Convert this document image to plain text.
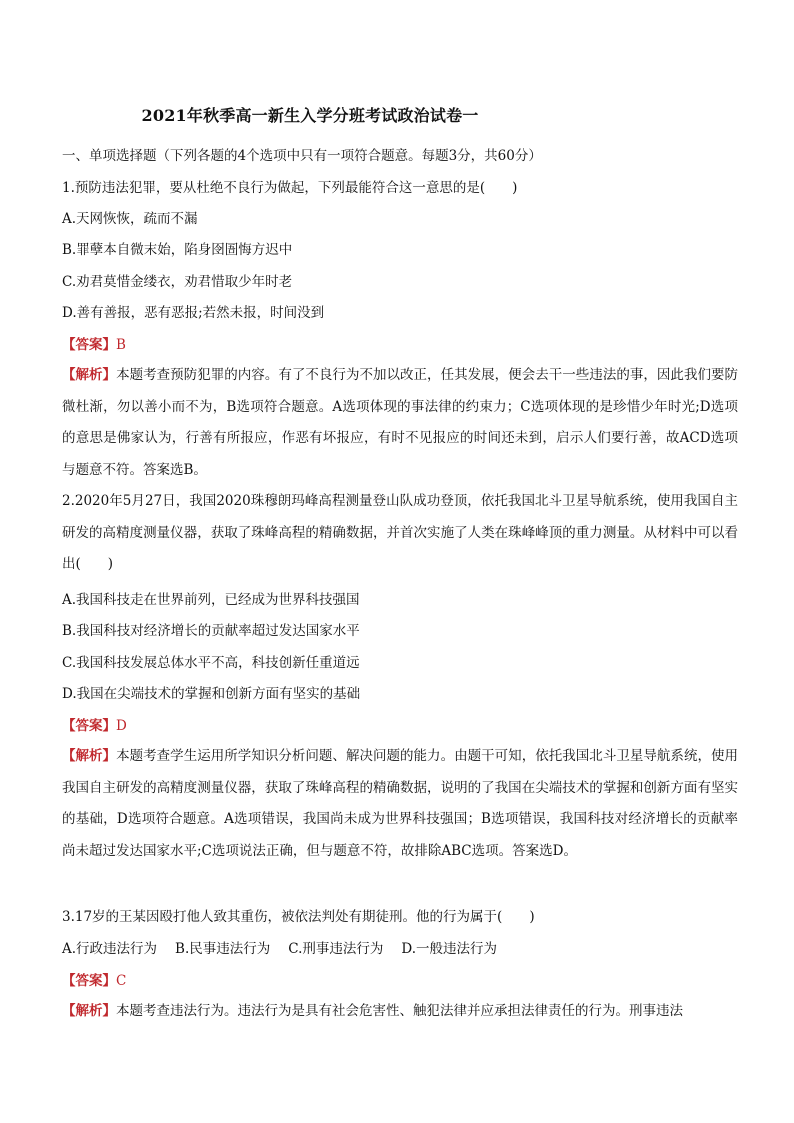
2021年秋季高一新生入学分班考试政治试卷一
一、单项选择题（下列各题的4个选项中只有一项符合题意。每题3分，共60分）
1.预防违法犯罪，要从杜绝不良行为做起，下列最能符合这一意思的是(　　)
A.天网恢恢，疏而不漏
B.罪孽本自微末始，陷身囹圄悔方迟中
C.劝君莫惜金缕衣，劝君惜取少年时老
D.善有善报，恶有恶报;若然未报，时间没到
【答案】B
【解析】本题考查预防犯罪的内容。有了不良行为不加以改正，任其发展，便会去干一些违法的事，因此我们要防微杜渐，勿以善小而不为，B选项符合题意。A选项体现的事法律的约束力；C选项体现的是珍惜少年时光;D选项的意思是佛家认为，行善有所报应，作恶有坏报应，有时不见报应的时间还未到，启示人们要行善，故ACD选项与题意不符。答案选B。
2.2020年5月27日，我国2020珠穆朗玛峰高程测量登山队成功登顶，依托我国北斗卫星导航系统，使用我国自主研发的高精度测量仪器，获取了珠峰高程的精确数据，并首次实施了人类在珠峰峰顶的重力测量。从材料中可以看出(　　)
A.我国科技走在世界前列，已经成为世界科技强国
B.我国科技对经济增长的贡献率超过发达国家水平
C.我国科技发展总体水平不高，科技创新任重道远
D.我国在尖端技术的掌握和创新方面有坚实的基础
【答案】D
【解析】本题考查学生运用所学知识分析问题、解决问题的能力。由题干可知，依托我国北斗卫星导航系统，使用我国自主研发的高精度测量仪器，获取了珠峰高程的精确数据，说明的了我国在尖端技术的掌握和创新方面有坚实的基础，D选项符合题意。A选项错误，我国尚未成为世界科技强国；B选项错误，我国科技对经济增长的贡献率尚未超过发达国家水平;C选项说法正确，但与题意不符，故排除ABC选项。答案选D。
3.17岁的王某因殴打他人致其重伤，被依法判处有期徒刑。他的行为属于(　　)
A.行政违法行为 B.民事违法行为 C.刑事违法行为 D.一般违法行为
【答案】C
【解析】本题考查违法行为。违法行为是具有社会危害性、触犯法律并应承担法律责任的行为。刑事违法
